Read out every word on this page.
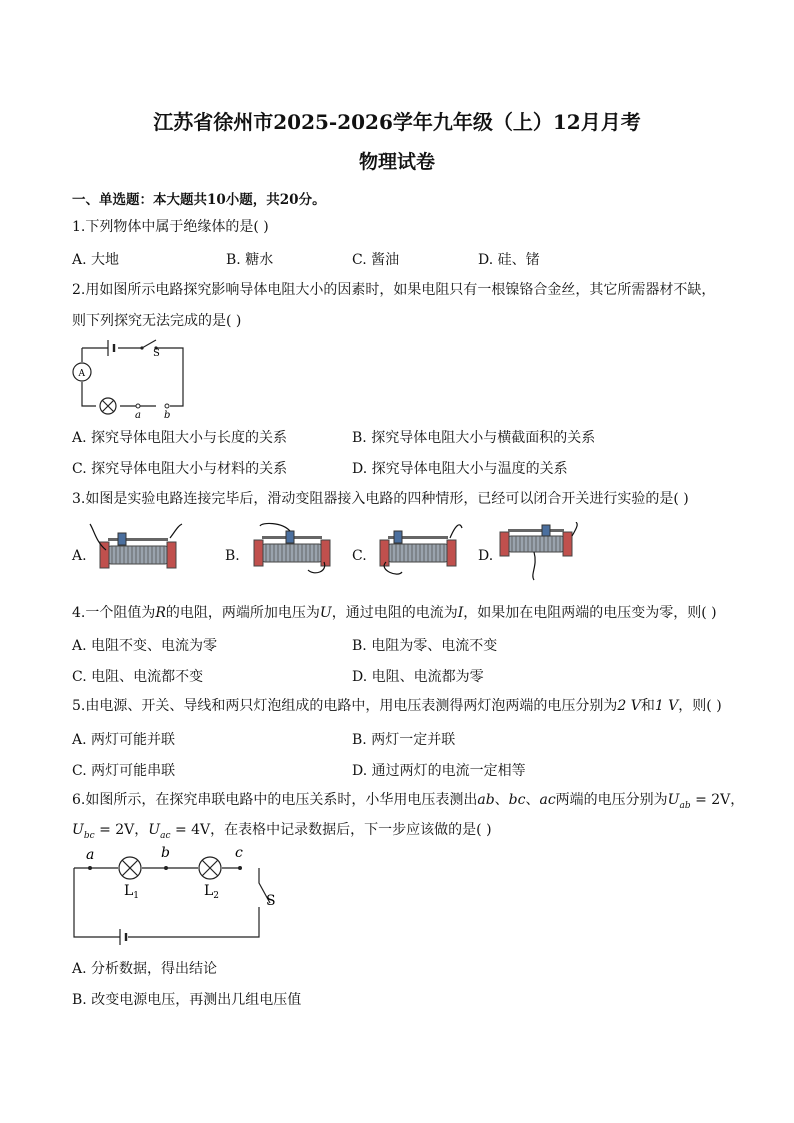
江苏省徐州市2025-2026学年九年级（上）12月月考
物理试卷
一、单选题：本大题共10小题，共20分。
1.下列物体中属于绝缘体的是( )
A. 大地	B. 糖水	C. 酱油	D. 硅、锗
2.用如图所示电路探究影响导体电阻大小的因素时，如果电阻只有一根镍铬合金丝，其它所需器材不缺，
则下列探究无法完成的是( )
S
A
a b
A. 探究导体电阻大小与长度的关系	B. 探究导体电阻大小与横截面积的关系
C. 探究导体电阻大小与材料的关系	D. 探究导体电阻大小与温度的关系
3.如图是实验电路连接完毕后，滑动变阻器接入电路的四种情形，已经可以闭合开关进行实验的是( )
A.	B.	C.	D.
4.一个阻值为R的电阻，两端所加电压为U，通过电阻的电流为I，如果加在电阻两端的电压变为零，则( )
A. 电阻不变、电流为零	B. 电阻为零、电流不变
C. 电阻、电流都不变	D. 电阻、电流都为零
5.由电源、开关、导线和两只灯泡组成的电路中，用电压表测得两灯泡两端的电压分别为2 V和1 V，则( )
A. 两灯可能并联	B. 两灯一定并联
C. 两灯可能串联	D. 通过两灯的电流一定相等
6.如图所示，在探究串联电路中的电压关系时，小华用电压表测出ab、bc、ac两端的电压分别为$U_{ab} = 2V$，
$U_{bc} = 2V$，$U_{ac} = 4V$，在表格中记录数据后，下一步应该做的是( )
a	b	c
$L_1$	$L_2$	S
A. 分析数据，得出结论
B. 改变电源电压，再测出几组电压值
